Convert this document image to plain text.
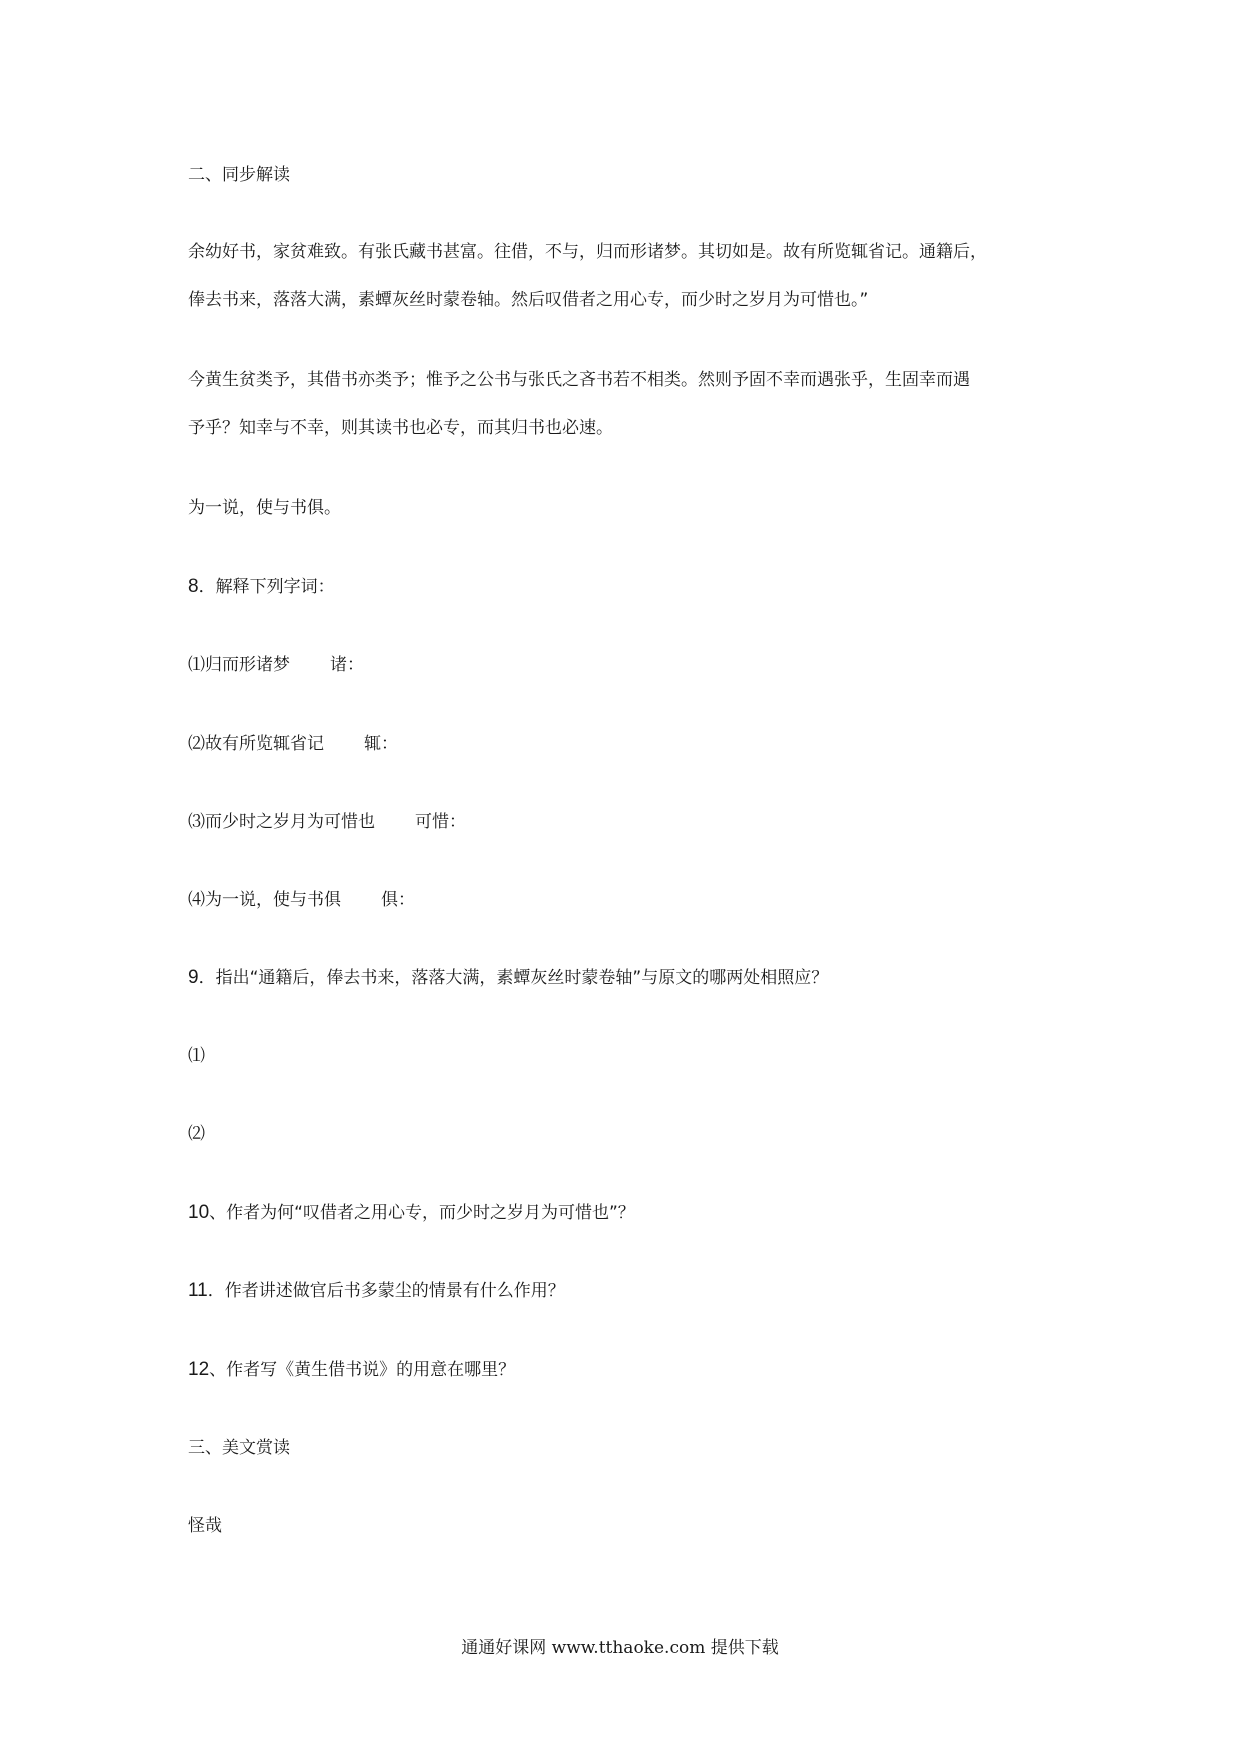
二、同步解读
余幼好书，家贫难致。有张氏藏书甚富。往借，不与，归而形诸梦。其切如是。故有所览辄省记。通籍后，
俸去书来，落落大满，素蟫灰丝时蒙卷轴。然后叹借者之用心专，而少时之岁月为可惜也。”
今黄生贫类予，其借书亦类予；惟予之公书与张氏之吝书若不相类。然则予固不幸而遇张乎，生固幸而遇
予乎？知幸与不幸，则其读书也必专，而其归书也必速。
为一说，使与书俱。
8．解释下列字词：
⑴归而形诸梦 诸：
⑵故有所览辄省记 辄：
⑶而少时之岁月为可惜也 可惜：
⑷为一说，使与书俱 俱：
9．指出“通籍后，俸去书来，落落大满，素蟫灰丝时蒙卷轴”与原文的哪两处相照应？
⑴
⑵
10、作者为何“叹借者之用心专，而少时之岁月为可惜也”？
11．作者讲述做官后书多蒙尘的情景有什么作用？
12、作者写《黄生借书说》的用意在哪里？
三、美文赏读
怪哉
通通好课网 www.tthaoke.com 提供下载
